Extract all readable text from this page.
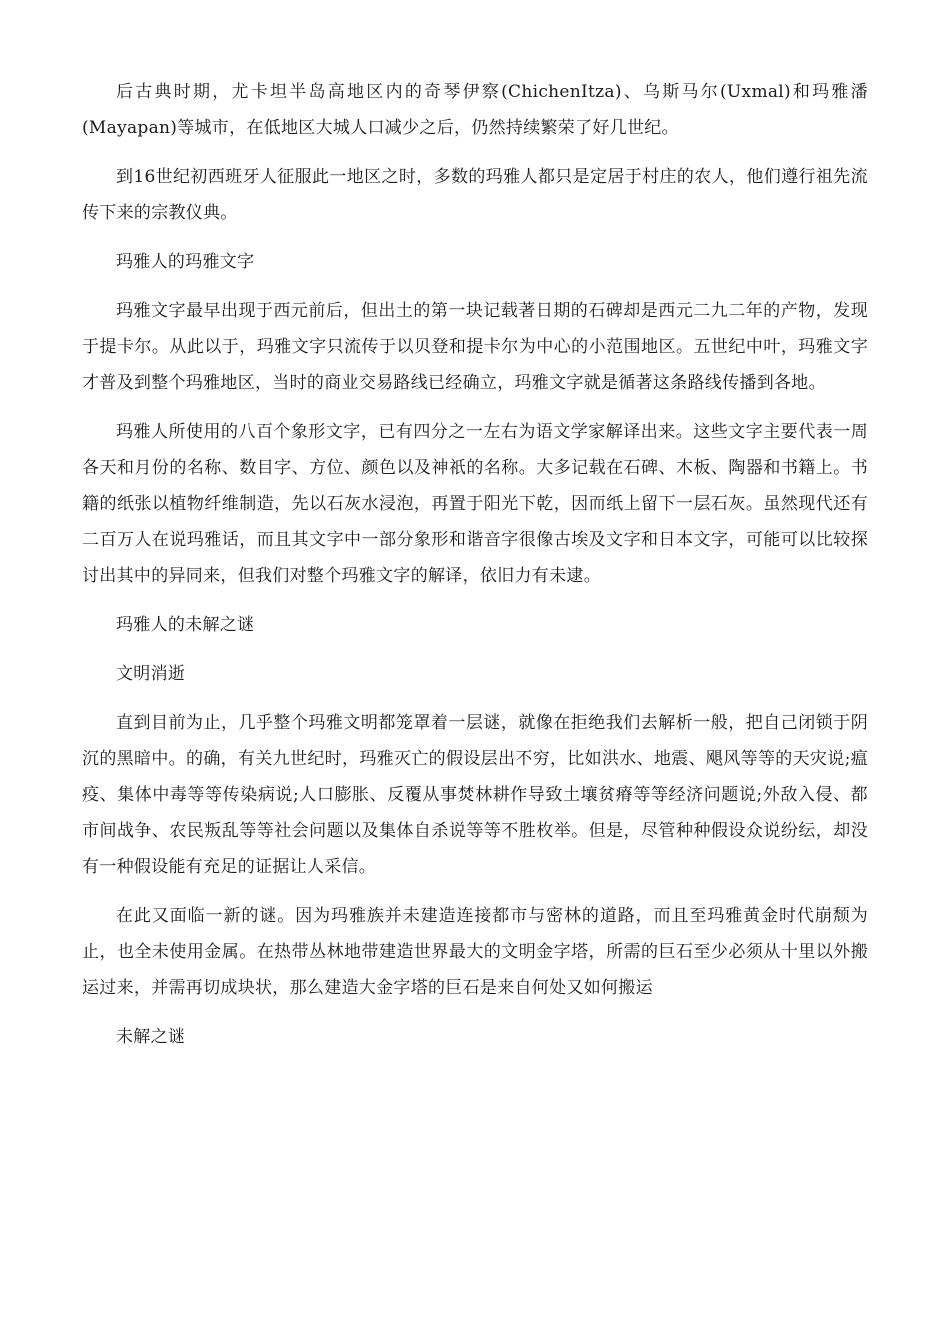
后古典时期，尤卡坦半岛高地区内的奇琴伊察(ChichenItza)、乌斯马尔(Uxmal)和玛雅潘(Mayapan)等城市，在低地区大城人口减少之后，仍然持续繁荣了好几世纪。

到16世纪初西班牙人征服此一地区之时，多数的玛雅人都只是定居于村庄的农人，他们遵行祖先流传下来的宗教仪典。

玛雅人的玛雅文字

玛雅文字最早出现于西元前后，但出土的第一块记载著日期的石碑却是西元二九二年的产物，发现于提卡尔。从此以于，玛雅文字只流传于以贝登和提卡尔为中心的小范围地区。五世纪中叶，玛雅文字才普及到整个玛雅地区，当时的商业交易路线已经确立，玛雅文字就是循著这条路线传播到各地。

玛雅人所使用的八百个象形文字，已有四分之一左右为语文学家解译出来。这些文字主要代表一周各天和月份的名称、数目字、方位、颜色以及神祇的名称。大多记载在石碑、木板、陶器和书籍上。书籍的纸张以植物纤维制造，先以石灰水浸泡，再置于阳光下乾，因而纸上留下一层石灰。虽然现代还有二百万人在说玛雅话，而且其文字中一部分象形和谐音字很像古埃及文字和日本文字，可能可以比较探讨出其中的异同来，但我们对整个玛雅文字的解译，依旧力有未逮。

玛雅人的未解之谜

文明消逝

直到目前为止，几乎整个玛雅文明都笼罩着一层谜，就像在拒绝我们去解析一般，把自己闭锁于阴沉的黑暗中。的确，有关九世纪时，玛雅灭亡的假设层出不穷，比如洪水、地震、飓风等等的天灾说;瘟疫、集体中毒等等传染病说;人口膨胀、反覆从事焚林耕作导致土壤贫瘠等等经济问题说;外敌入侵、都市间战争、农民叛乱等等社会问题以及集体自杀说等等不胜枚举。但是，尽管种种假设众说纷纭，却没有一种假设能有充足的证据让人采信。

在此又面临一新的谜。因为玛雅族并未建造连接都市与密林的道路，而且至玛雅黄金时代崩颓为止，也全未使用金属。在热带丛林地带建造世界最大的文明金字塔，所需的巨石至少必须从十里以外搬运过来，并需再切成块状，那么建造大金字塔的巨石是来自何处又如何搬运

未解之谜
